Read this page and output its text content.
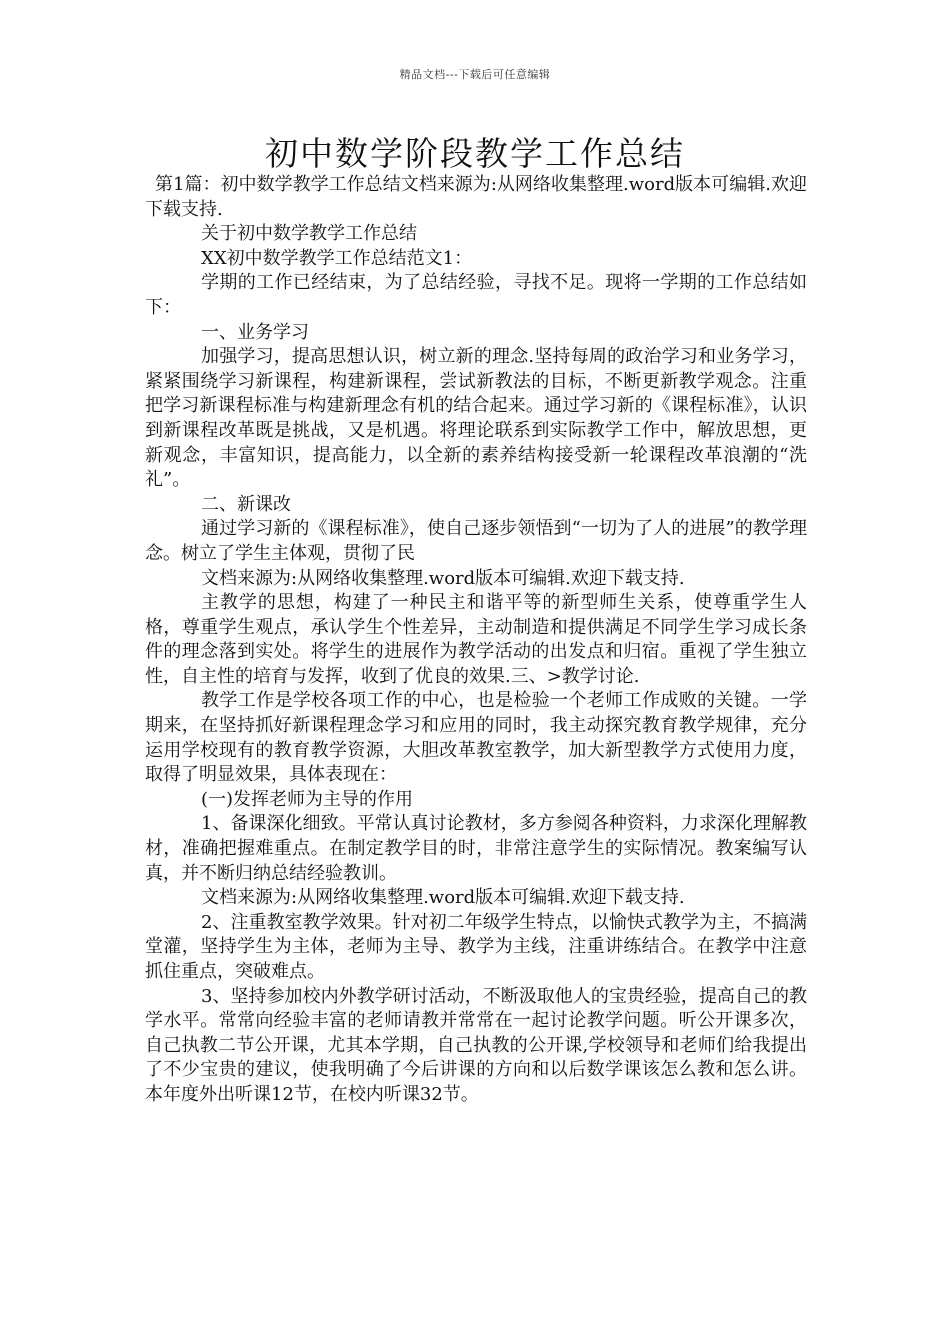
精品文档---下载后可任意编辑
初中数学阶段教学工作总结

第1篇：初中数学教学工作总结文档来源为:从网络收集整理.word版本可编辑.欢迎下载支持.

关于初中数学教学工作总结

XX初中数学教学工作总结范文1：

学期的工作已经结束，为了总结经验，寻找不足。现将一学期的工作总结如下：

一、业务学习

加强学习，提高思想认识，树立新的理念.坚持每周的政治学习和业务学习，紧紧围绕学习新课程，构建新课程，尝试新教法的目标，不断更新教学观念。注重把学习新课程标准与构建新理念有机的结合起来。通过学习新的《课程标准》，认识到新课程改革既是挑战，又是机遇。将理论联系到实际教学工作中，解放思想，更新观念，丰富知识，提高能力，以全新的素养结构接受新一轮课程改革浪潮的“洗礼”。

二、新课改

通过学习新的《课程标准》，使自己逐步领悟到“一切为了人的进展”的教学理念。树立了学生主体观，贯彻了民

文档来源为:从网络收集整理.word版本可编辑.欢迎下载支持.

主教学的思想，构建了一种民主和谐平等的新型师生关系，使尊重学生人格，尊重学生观点，承认学生个性差异，主动制造和提供满足不同学生学习成长条件的理念落到实处。将学生的进展作为教学活动的出发点和归宿。重视了学生独立性，自主性的培育与发挥，收到了优良的效果.三、>教学讨论.

教学工作是学校各项工作的中心，也是检验一个老师工作成败的关键。一学期来，在坚持抓好新课程理念学习和应用的同时，我主动探究教育教学规律，充分运用学校现有的教育教学资源，大胆改革教室教学，加大新型教学方式使用力度，取得了明显效果，具体表现在：

(一)发挥老师为主导的作用

1、备课深化细致。平常认真讨论教材，多方参阅各种资料，力求深化理解教材，准确把握难重点。在制定教学目的时，非常注意学生的实际情况。教案编写认真，并不断归纳总结经验教训。

文档来源为:从网络收集整理.word版本可编辑.欢迎下载支持.

2、注重教室教学效果。针对初二年级学生特点，以愉快式教学为主，不搞满堂灌，坚持学生为主体，老师为主导、教学为主线，注重讲练结合。在教学中注意抓住重点，突破难点。

3、坚持参加校内外教学研讨活动，不断汲取他人的宝贵经验，提高自己的教学水平。常常向经验丰富的老师请教并常常在一起讨论教学问题。听公开课多次，自己执教二节公开课，尤其本学期，自己执教的公开课,学校领导和老师们给我提出了不少宝贵的建议，使我明确了今后讲课的方向和以后数学课该怎么教和怎么讲。本年度外出听课12节，在校内听课32节。
